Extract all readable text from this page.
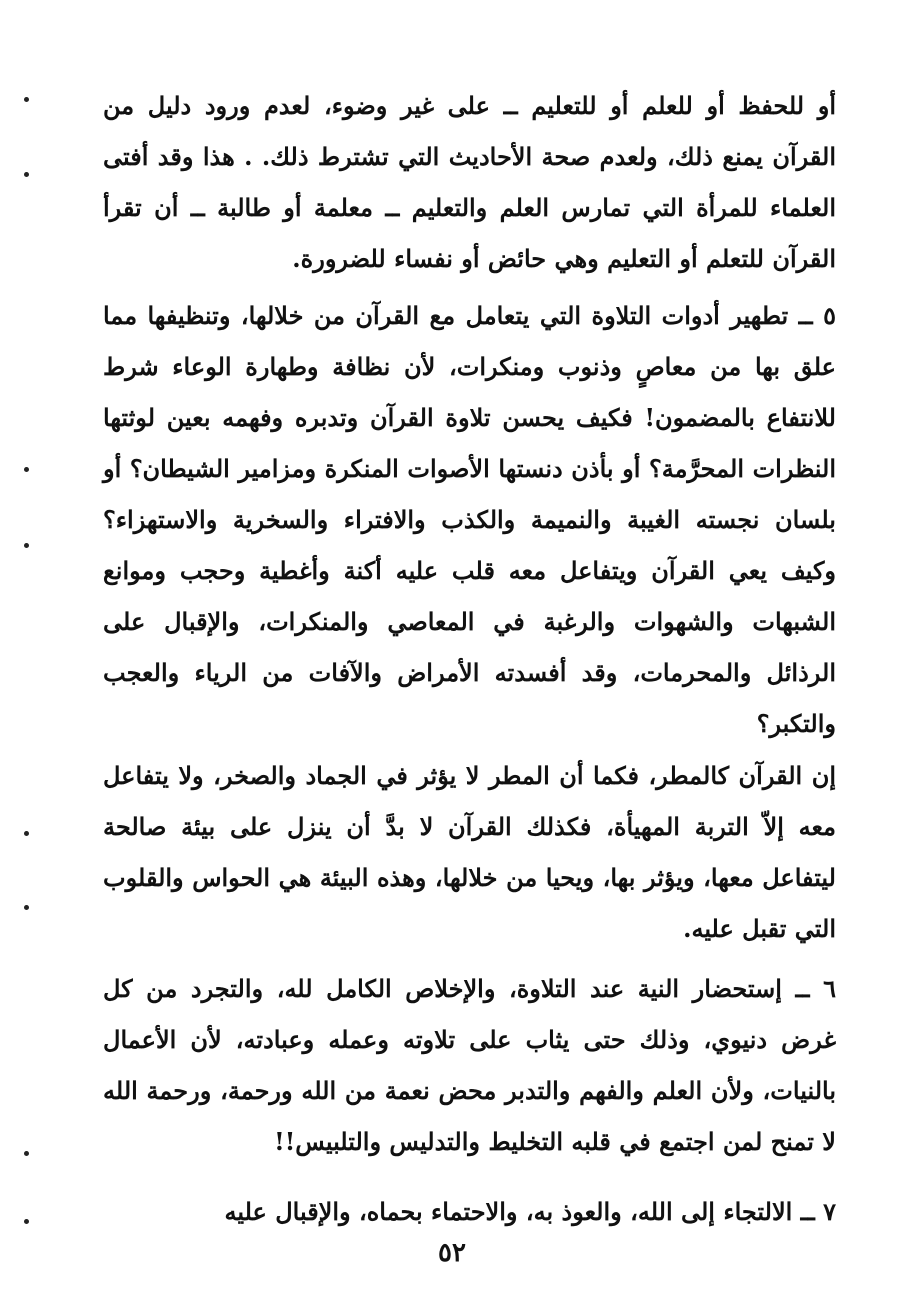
أو للحفظ أو للعلم أو للتعليم ــ على غير وضوء، لعدم ورود دليل من القرآن يمنع ذلك، ولعدم صحة الأحاديث التي تشترط ذلك. . هذا وقد أفتى العلماء للمرأة التي تمارس العلم والتعليم ــ معلمة أو طالبة ــ أن تقرأ القرآن للتعلم أو التعليم وهي حائض أو نفساء للضرورة.

٥ ــ تطهير أدوات التلاوة التي يتعامل مع القرآن من خلالها، وتنظيفها مما علق بها من معاصٍ وذنوب ومنكرات، لأن نظافة وطهارة الوعاء شرط للانتفاع بالمضمون! فكيف يحسن تلاوة القرآن وتدبره وفهمه بعين لوثتها النظرات المحرَّمة؟ أو بأذن دنستها الأصوات المنكرة ومزامير الشيطان؟ أو بلسان نجسته الغيبة والنميمة والكذب والافتراء والسخرية والاستهزاء؟ وكيف يعي القرآن ويتفاعل معه قلب عليه أكنة وأغطية وحجب وموانع الشبهات والشهوات والرغبة في المعاصي والمنكرات، والإقبال على الرذائل والمحرمات، وقد أفسدته الأمراض والآفات من الرياء والعجب والتكبر؟

إن القرآن كالمطر، فكما أن المطر لا يؤثر في الجماد والصخر، ولا يتفاعل معه إلاّ التربة المهيأة، فكذلك القرآن لا بدَّ أن ينزل على بيئة صالحة ليتفاعل معها، ويؤثر بها، ويحيا من خلالها، وهذه البيئة هي الحواس والقلوب التي تقبل عليه.

٦ ــ إستحضار النية عند التلاوة، والإخلاص الكامل لله، والتجرد من كل غرض دنيوي، وذلك حتى يثاب على تلاوته وعمله وعبادته، لأن الأعمال بالنيات، ولأن العلم والفهم والتدبر محض نعمة من الله ورحمة، ورحمة الله لا تمنح لمن اجتمع في قلبه التخليط والتدليس والتلبيس!!

٧ ــ الالتجاء إلى الله، والعوذ به، والاحتماء بحماه، والإقبال عليه

٥٢
